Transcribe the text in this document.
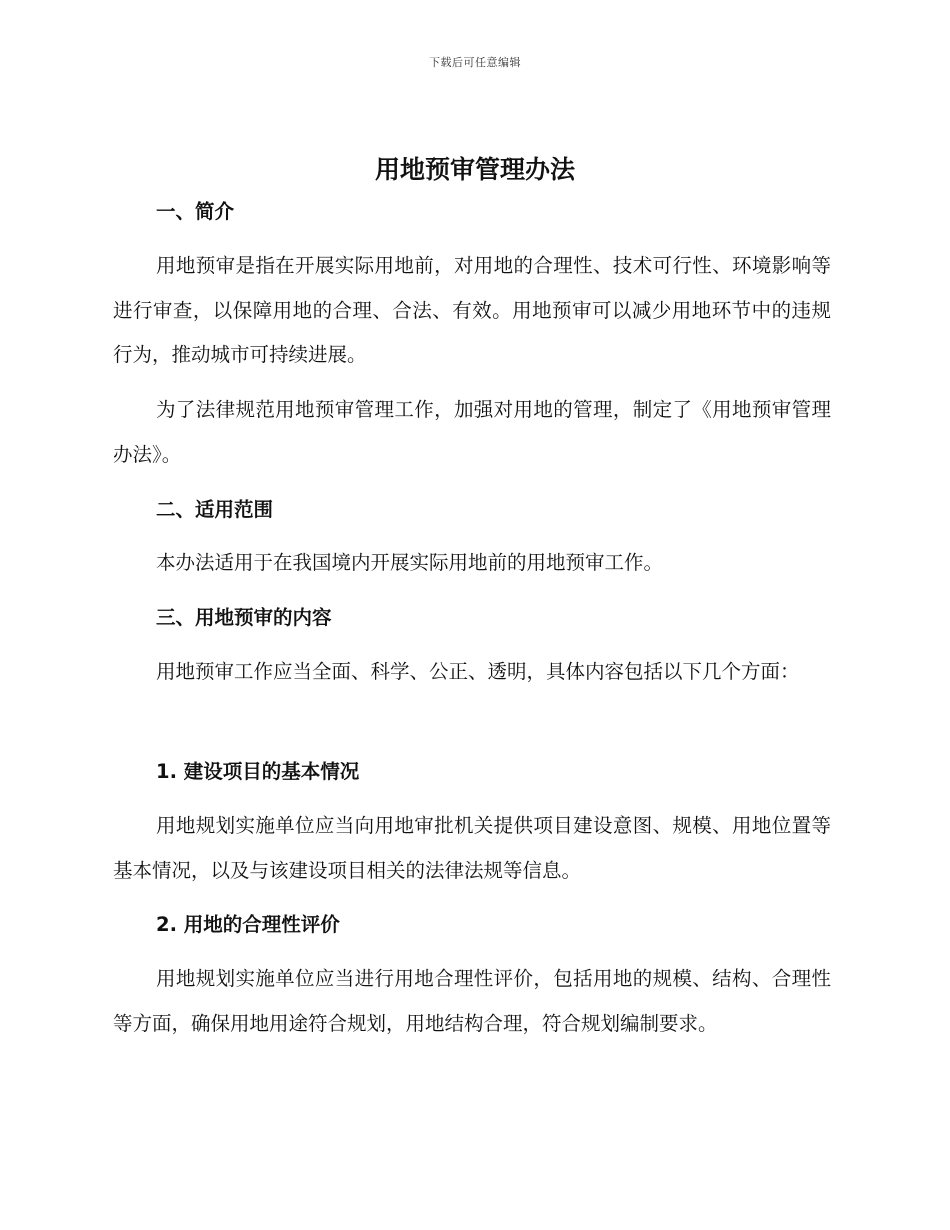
下载后可任意编辑
用地预审管理办法
一、简介

用地预审是指在开展实际用地前，对用地的合理性、技术可行性、环境影响等进行审查，以保障用地的合理、合法、有效。用地预审可以减少用地环节中的违规行为，推动城市可持续进展。

为了法律规范用地预审管理工作，加强对用地的管理，制定了《用地预审管理办法》。

二、适用范围

本办法适用于在我国境内开展实际用地前的用地预审工作。

三、用地预审的内容

用地预审工作应当全面、科学、公正、透明，具体内容包括以下几个方面：

1. 建设项目的基本情况

用地规划实施单位应当向用地审批机关提供项目建设意图、规模、用地位置等基本情况，以及与该建设项目相关的法律法规等信息。

2. 用地的合理性评价

用地规划实施单位应当进行用地合理性评价，包括用地的规模、结构、合理性等方面，确保用地用途符合规划，用地结构合理，符合规划编制要求。
